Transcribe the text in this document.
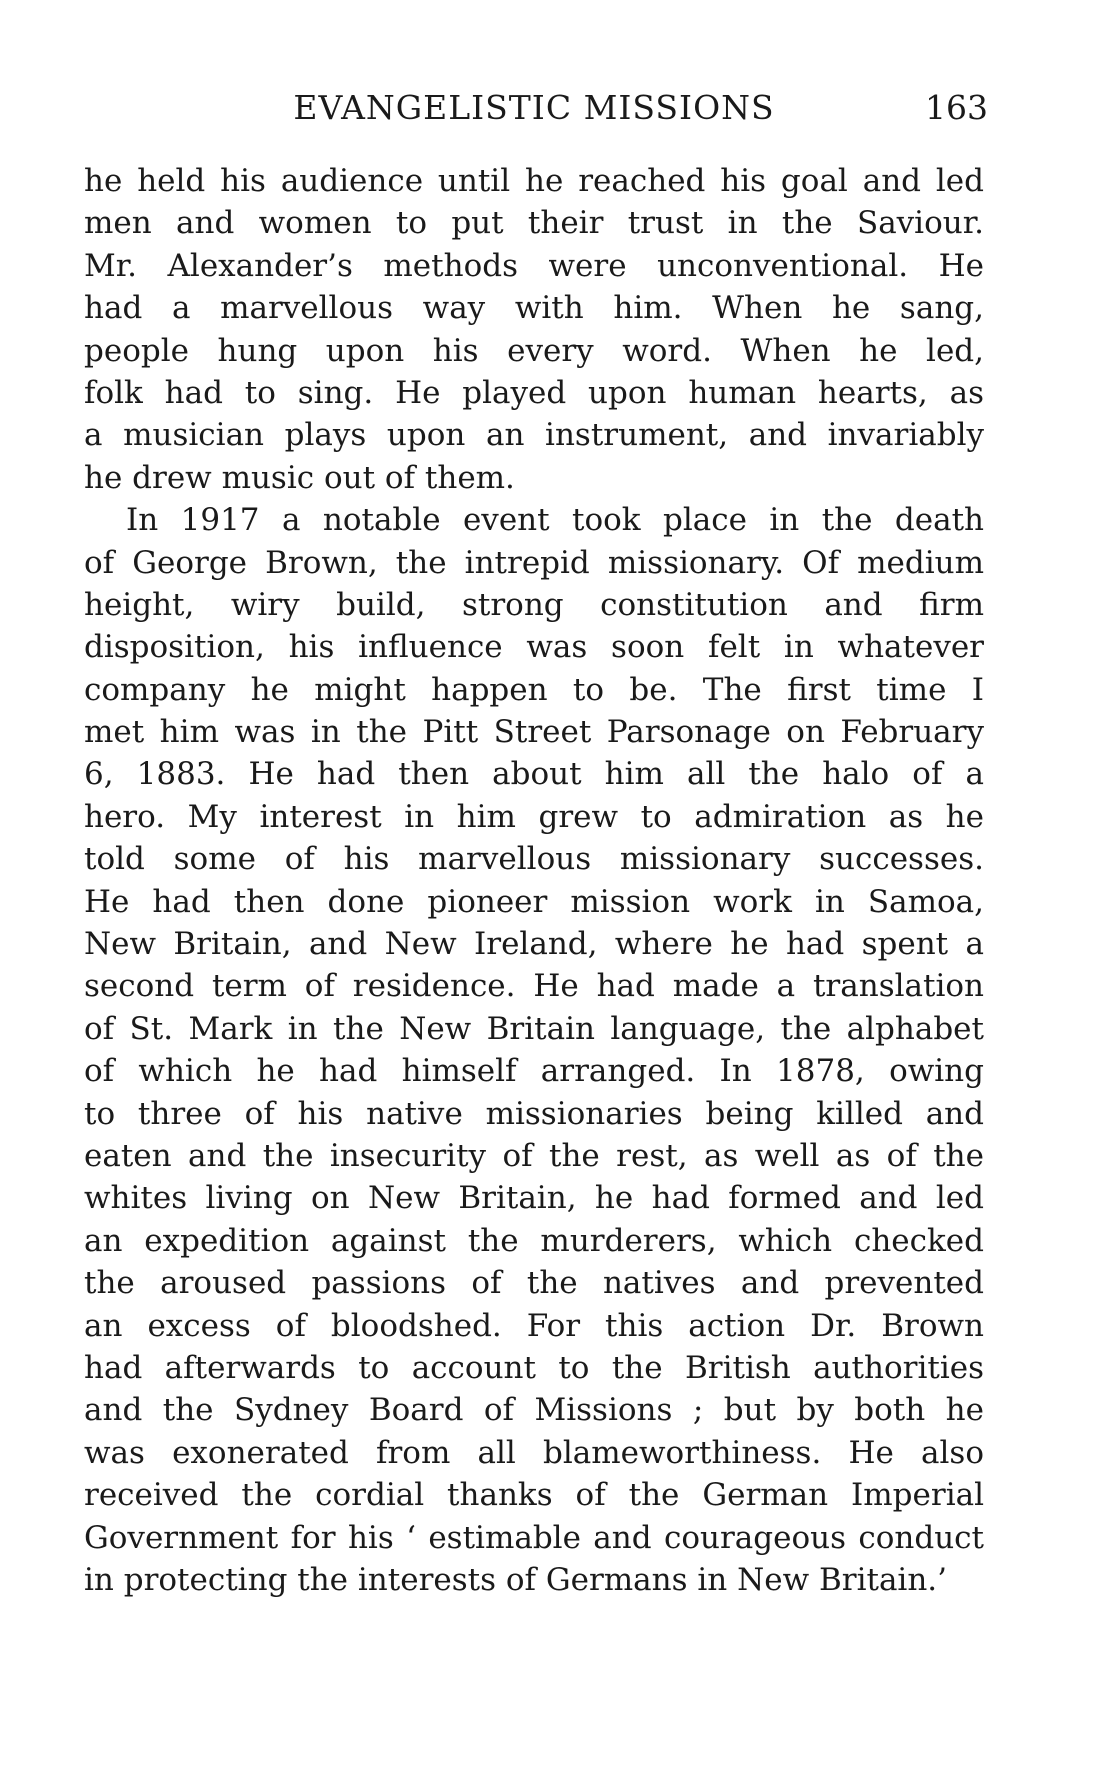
EVANGELISTIC MISSIONS	163
he held his audience until he reached his goal and led
men and women to put their trust in the Saviour.
Mr. Alexander’s methods were unconventional. He
had a marvellous way with him. When he sang,
people hung upon his every word. When he led,
folk had to sing. He played upon human hearts, as
a musician plays upon an instrument, and invariably
he drew music out of them.
In 1917 a notable event took place in the death
of George Brown, the intrepid missionary. Of medium
height, wiry build, strong constitution and firm
disposition, his influence was soon felt in whatever
company he might happen to be. The first time I
met him was in the Pitt Street Parsonage on February
6, 1883. He had then about him all the halo of a
hero. My interest in him grew to admiration as he
told some of his marvellous missionary successes.
He had then done pioneer mission work in Samoa,
New Britain, and New Ireland, where he had spent a
second term of residence. He had made a translation
of St. Mark in the New Britain language, the alphabet
of which he had himself arranged. In 1878, owing
to three of his native missionaries being killed and
eaten and the insecurity of the rest, as well as of the
whites living on New Britain, he had formed and led
an expedition against the murderers, which checked
the aroused passions of the natives and prevented
an excess of bloodshed. For this action Dr. Brown
had afterwards to account to the British authorities
and the Sydney Board of Missions ; but by both he
was exonerated from all blameworthiness. He also
received the cordial thanks of the German Imperial
Government for his ‘ estimable and courageous conduct
in protecting the interests of Germans in New Britain.’
